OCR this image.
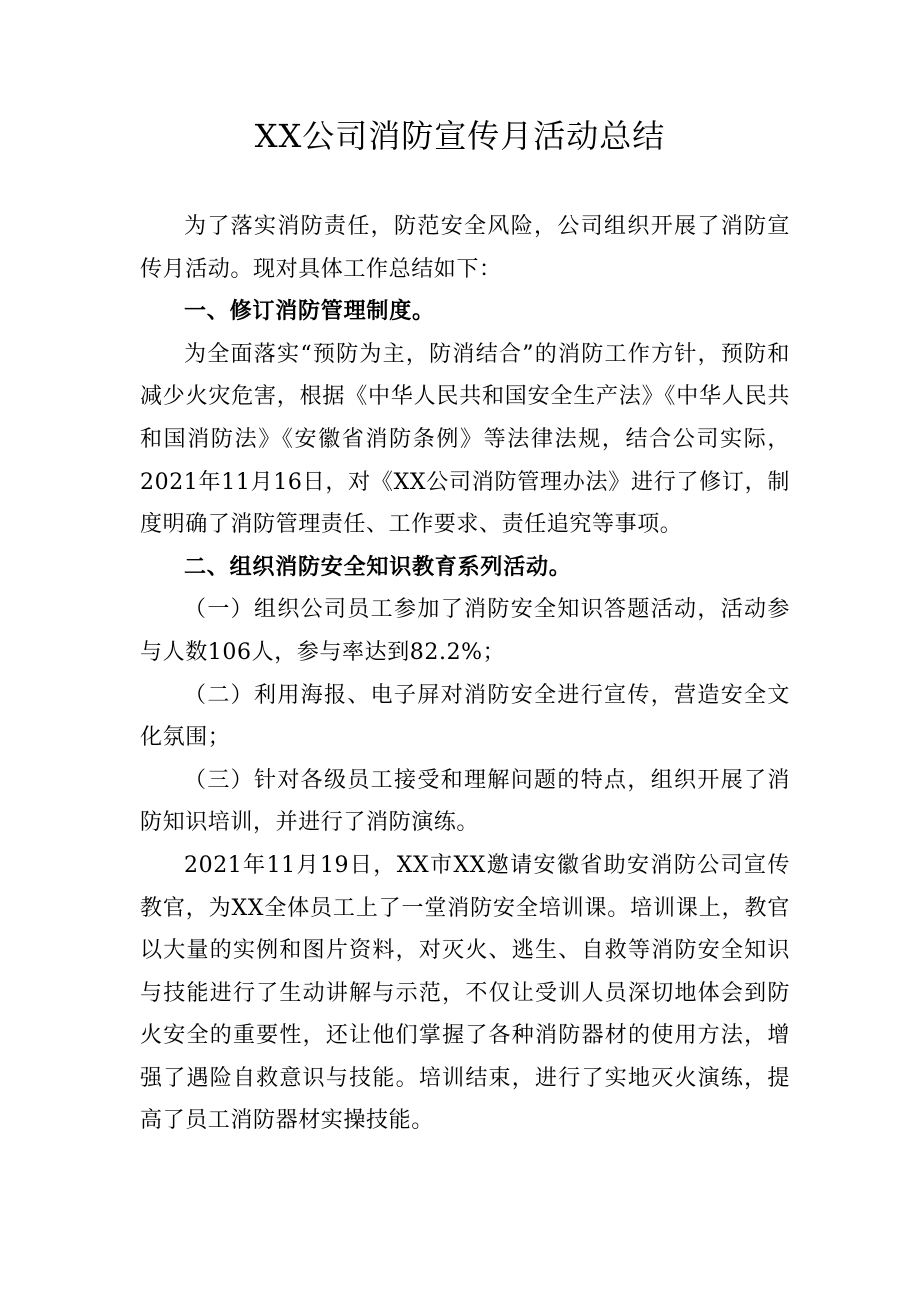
XX公司消防宣传月活动总结

为了落实消防责任，防范安全风险，公司组织开展了消防宣传月活动。现对具体工作总结如下：

一、修订消防管理制度。

为全面落实“预防为主，防消结合”的消防工作方针，预防和减少火灾危害，根据《中华人民共和国安全生产法》《中华人民共和国消防法》《安徽省消防条例》等法律法规，结合公司实际，2021年11月16日，对《XX公司消防管理办法》进行了修订，制度明确了消防管理责任、工作要求、责任追究等事项。

二、组织消防安全知识教育系列活动。

（一）组织公司员工参加了消防安全知识答题活动，活动参与人数106人，参与率达到82.2%；

（二）利用海报、电子屏对消防安全进行宣传，营造安全文化氛围；

（三）针对各级员工接受和理解问题的特点，组织开展了消防知识培训，并进行了消防演练。

2021年11月19日，XX市XX邀请安徽省助安消防公司宣传教官，为XX全体员工上了一堂消防安全培训课。培训课上，教官以大量的实例和图片资料，对灭火、逃生、自救等消防安全知识与技能进行了生动讲解与示范，不仅让受训人员深切地体会到防火安全的重要性，还让他们掌握了各种消防器材的使用方法，增强了遇险自救意识与技能。培训结束，进行了实地灭火演练，提高了员工消防器材实操技能。
